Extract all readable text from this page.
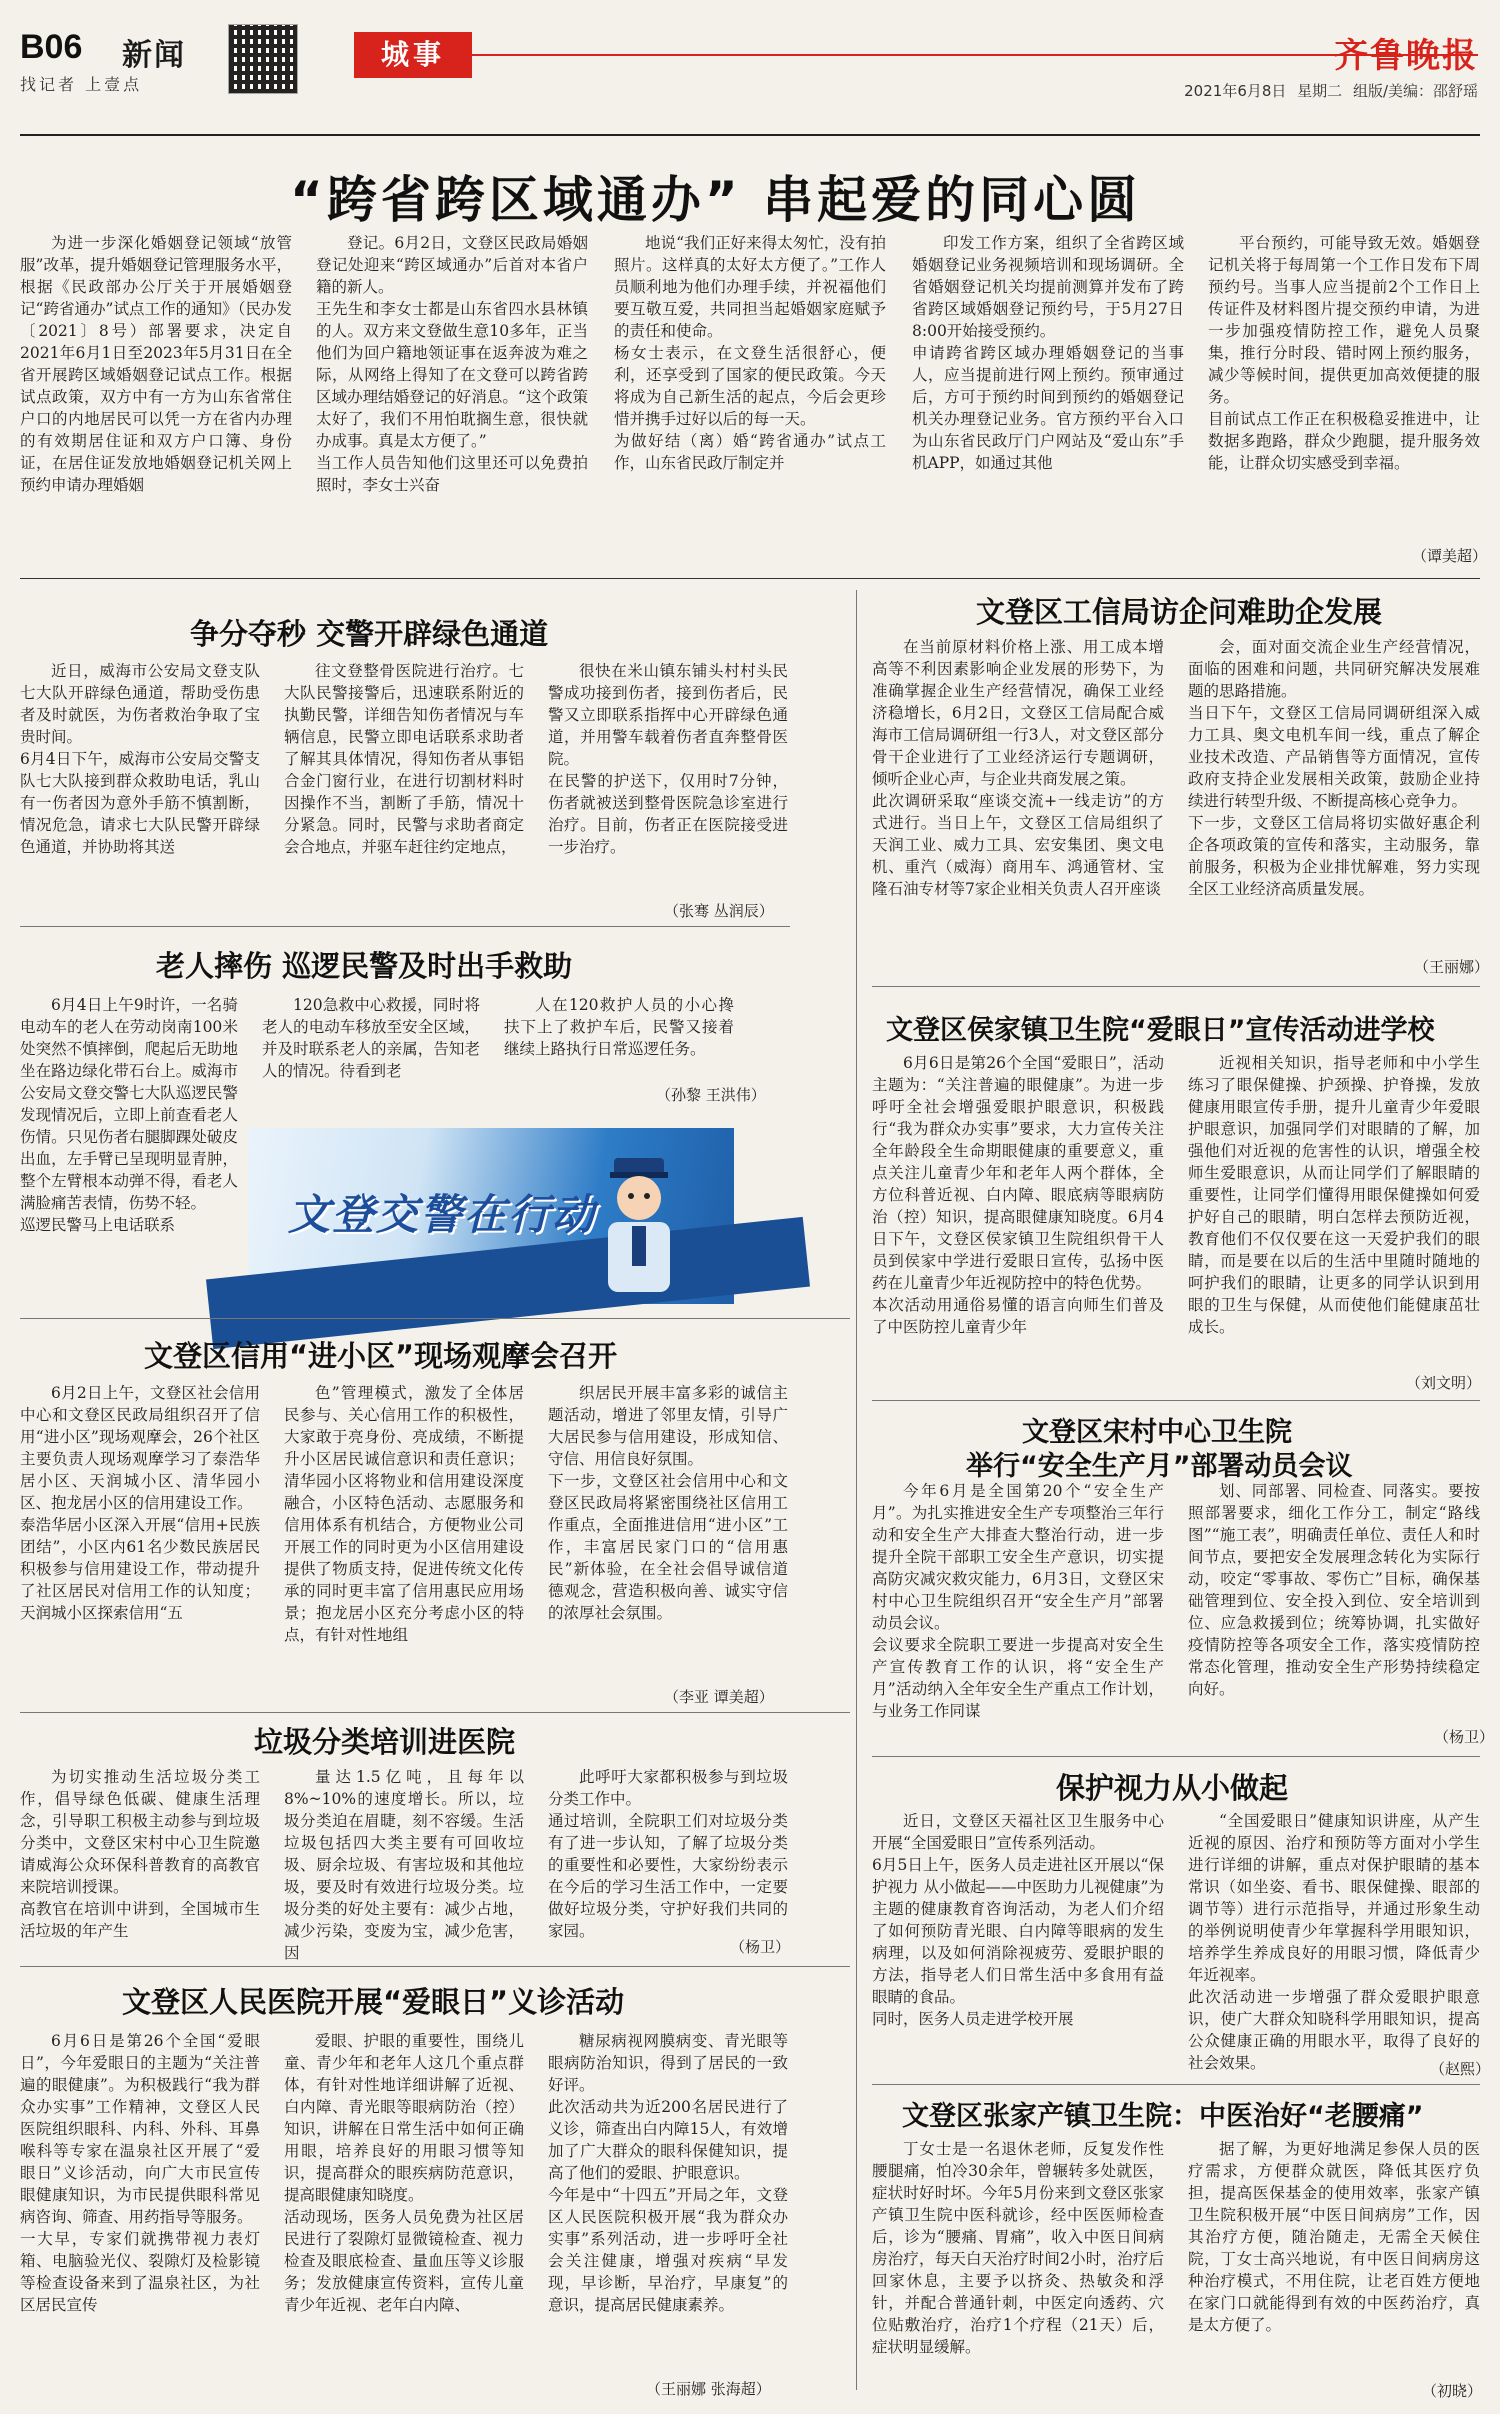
B06 新闻
找记者 上壹点
城事	齐鲁晚报
2021年6月8日 星期二 组版/美编：邵舒瑶
“跨省跨区域通办” 串起爱的同心圆
为进一步深化婚姻登记领域“放管服”改革，提升婚姻登记管理服务水平，根据《民政部办公厅关于开展婚姻登记“跨省通办”试点工作的通知》（民办发〔2021〕8号）部署要求，决定自2021年6月1日至2023年5月31日在全省开展跨区域婚姻登记试点工作。根据试点政策，双方中有一方为山东省常住户口的内地居民可以凭一方在省内办理的有效期居住证和双方户口簿、身份证，在居住证发放地婚姻登记机关网上预约申请办理婚姻
登记。6月2日，文登区民政局婚姻登记处迎来“跨区域通办”后首对本省户籍的新人。
王先生和李女士都是山东省四水县林镇的人。双方来文登做生意10多年，正当他们为回户籍地领证事在返奔波为难之际，从网络上得知了在文登可以跨省跨区域办理结婚登记的好消息。“这个政策太好了，我们不用怕耽搁生意，很快就办成事。真是太方便了。”
当工作人员告知他们这里还可以免费拍照时，李女士兴奋
地说“我们正好来得太匆忙，没有拍照片。这样真的太好太方便了。”工作人员顺利地为他们办理手续，并祝福他们要互敬互爱，共同担当起婚姻家庭赋予的责任和使命。
杨女士表示，在文登生活很舒心，便利，还享受到了国家的便民政策。今天将成为自己新生活的起点，今后会更珍惜并携手过好以后的每一天。
为做好结（离）婚“跨省通办”试点工作，山东省民政厅制定并
印发工作方案，组织了全省跨区域婚姻登记业务视频培训和现场调研。全省婚姻登记机关均提前测算并发布了跨省跨区域婚姻登记预约号，于5月27日8:00开始接受预约。
申请跨省跨区域办理婚姻登记的当事人，应当提前进行网上预约。预审通过后，方可于预约时间到预约的婚姻登记机关办理登记业务。官方预约平台入口为山东省民政厅门户网站及“爱山东”手机APP，如通过其他
平台预约，可能导致无效。婚姻登记机关将于每周第一个工作日发布下周预约号。当事人应当提前2个工作日上传证件及材料图片提交预约申请，为进一步加强疫情防控工作，避免人员聚集，推行分时段、错时网上预约服务，减少等候时间，提供更加高效便捷的服务。
目前试点工作正在积极稳妥推进中，让数据多跑路，群众少跑腿，提升服务效能，让群众切实感受到幸福。
（谭美超）
争分夺秒 交警开辟绿色通道
近日，威海市公安局文登支队七大队开辟绿色通道，帮助受伤患者及时就医，为伤者救治争取了宝贵时间。
6月4日下午，威海市公安局交警支队七大队接到群众救助电话，乳山有一伤者因为意外手筋不慎割断，情况危急，请求七大队民警开辟绿色通道，并协助将其送
往文登整骨医院进行治疗。七大队民警接警后，迅速联系附近的执勤民警，详细告知伤者情况与车辆信息，民警立即电话联系求助者了解其具体情况，得知伤者从事铝合金门窗行业，在进行切割材料时因操作不当，割断了手筋，情况十分紧急。同时，民警与求助者商定会合地点，并驱车赶往约定地点，
很快在米山镇东铺头村村头民警成功接到伤者，接到伤者后，民警又立即联系指挥中心开辟绿色通道，并用警车载着伤者直奔整骨医院。
在民警的护送下，仅用时7分钟，伤者就被送到整骨医院急诊室进行治疗。目前，伤者正在医院接受进一步治疗。
（张骞 丛润辰）
老人摔伤 巡逻民警及时出手救助
6月4日上午9时许，一名骑电动车的老人在劳动岗南100米处突然不慎摔倒，爬起后无助地坐在路边绿化带石台上。威海市公安局文登交警七大队巡逻民警发现情况后，立即上前查看老人伤情。只见伤者右腿脚踝处破皮出血，左手臂已呈现明显青肿，整个左臂根本动弹不得，看老人满脸痛苦表情，伤势不轻。
巡逻民警马上电话联系
120急救中心救援，同时将老人的电动车移放至安全区域，并及时联系老人的亲属，告知老人的情况。待看到老
人在120救护人员的小心搀扶下上了救护车后，民警又接着继续上路执行日常巡逻任务。
（孙黎 王洪伟）
文登交警在行动
文登区信用“进小区”现场观摩会召开
6月2日上午，文登区社会信用中心和文登区民政局组织召开了信用“进小区”现场观摩会，26个社区主要负责人现场观摩学习了泰浩华居小区、天润城小区、清华园小区、抱龙居小区的信用建设工作。
泰浩华居小区深入开展“信用+民族团结”，小区内61名少数民族居民积极参与信用建设工作，带动提升了社区居民对信用工作的认知度；天润城小区探索信用“五
色”管理模式，激发了全体居民参与、关心信用工作的积极性，大家敢于亮身份、亮成绩，不断提升小区居民诚信意识和责任意识；清华园小区将物业和信用建设深度融合，小区特色活动、志愿服务和信用体系有机结合，方便物业公司开展工作的同时更为小区信用建设提供了物质支持，促进传统文化传承的同时更丰富了信用惠民应用场景；抱龙居小区充分考虑小区的特点，有针对性地组
织居民开展丰富多彩的诚信主题活动，增进了邻里友情，引导广大居民参与信用建设，形成知信、守信、用信良好氛围。
下一步，文登区社会信用中心和文登区民政局将紧密围绕社区信用工作重点，全面推进信用“进小区”工作，丰富居民家门口的“信用惠民”新体验，在全社会倡导诚信道德观念，营造积极向善、诚实守信的浓厚社会氛围。
（李亚 谭美超）
垃圾分类培训进医院
为切实推动生活垃圾分类工作，倡导绿色低碳、健康生活理念，引导职工积极主动参与到垃圾分类中，文登区宋村中心卫生院邀请威海公众环保科普教育的高教官来院培训授课。
高教官在培训中讲到，全国城市生活垃圾的年产生
量达1.5亿吨，且每年以8%~10%的速度增长。所以，垃圾分类迫在眉睫，刻不容缓。生活垃圾包括四大类主要有可回收垃圾、厨余垃圾、有害垃圾和其他垃圾，要及时有效进行垃圾分类。垃圾分类的好处主要有：减少占地，减少污染，变废为宝，减少危害，因
此呼吁大家都积极参与到垃圾分类工作中。
通过培训，全院职工们对垃圾分类有了进一步认知，了解了垃圾分类的重要性和必要性，大家纷纷表示在今后的学习生活工作中，一定要做好垃圾分类，守护好我们共同的家园。
（杨卫）
文登区人民医院开展“爱眼日”义诊活动
6月6日是第26个全国“爱眼日”，今年爱眼日的主题为“关注普遍的眼健康”。为积极践行“我为群众办实事”工作精神，文登区人民医院组织眼科、内科、外科、耳鼻喉科等专家在温泉社区开展了“爱眼日”义诊活动，向广大市民宣传眼健康知识，为市民提供眼科常见病咨询、筛查、用药指导等服务。
一大早，专家们就携带视力表灯箱、电脑验光仪、裂隙灯及检影镜等检查设备来到了温泉社区，为社区居民宣传
爱眼、护眼的重要性，围绕儿童、青少年和老年人这几个重点群体，有针对性地详细讲解了近视、白内障、青光眼等眼病防治（控）知识，讲解在日常生活中如何正确用眼，培养良好的用眼习惯等知识，提高群众的眼疾病防范意识，提高眼健康知晓度。
活动现场，医务人员免费为社区居民进行了裂隙灯显微镜检查、视力检查及眼底检查、量血压等义诊服务；发放健康宣传资料，宣传儿童青少年近视、老年白内障、
糖尿病视网膜病变、青光眼等眼病防治知识，得到了居民的一致好评。
此次活动共为近200名居民进行了义诊，筛查出白内障15人，有效增加了广大群众的眼科保健知识，提高了他们的爱眼、护眼意识。
今年是中“十四五”开局之年，文登区人民医院积极开展“我为群众办实事”系列活动，进一步呼吁全社会关注健康，增强对疾病“早发现，早诊断，早治疗，早康复”的意识，提高居民健康素养。
（王丽娜 张海超）
文登区工信局访企问难助企发展
在当前原材料价格上涨、用工成本增高等不利因素影响企业发展的形势下，为准确掌握企业生产经营情况，确保工业经济稳增长，6月2日，文登区工信局配合威海市工信局调研组一行3人，对文登区部分骨干企业进行了工业经济运行专题调研，倾听企业心声，与企业共商发展之策。
此次调研采取“座谈交流+一线走访”的方式进行。当日上午，文登区工信局组织了天润工业、威力工具、宏安集团、奥文电机、重汽（威海）商用车、鸿通管材、宝隆石油专材等7家企业相关负责人召开座谈
会，面对面交流企业生产经营情况，面临的困难和问题，共同研究解决发展难题的思路措施。
当日下午，文登区工信局同调研组深入威力工具、奥文电机车间一线，重点了解企业技术改造、产品销售等方面情况，宣传政府支持企业发展相关政策，鼓励企业持续进行转型升级、不断提高核心竞争力。
下一步，文登区工信局将切实做好惠企利企各项政策的宣传和落实，主动服务，靠前服务，积极为企业排忧解难，努力实现全区工业经济高质量发展。
（王丽娜）
文登区侯家镇卫生院“爱眼日”宣传活动进学校
6月6日是第26个全国“爱眼日”，活动主题为：“关注普遍的眼健康”。为进一步呼吁全社会增强爱眼护眼意识，积极践行“我为群众办实事”要求，大力宣传关注全年龄段全生命期眼健康的重要意义，重点关注儿童青少年和老年人两个群体，全方位科普近视、白内障、眼底病等眼病防治（控）知识，提高眼健康知晓度。6月4日下午，文登区侯家镇卫生院组织骨干人员到侯家中学进行爱眼日宣传，弘扬中医药在儿童青少年近视防控中的特色优势。
本次活动用通俗易懂的语言向师生们普及了中医防控儿童青少年
近视相关知识，指导老师和中小学生练习了眼保健操、护颈操、护脊操，发放健康用眼宣传手册，提升儿童青少年爱眼护眼意识，加强同学们对眼睛的了解，加强他们对近视的危害性的认识，增强全校师生爱眼意识，从而让同学们了解眼睛的重要性，让同学们懂得用眼保健操如何爱护好自己的眼睛，明白怎样去预防近视，教育他们不仅仅要在这一天爱护我们的眼睛，而是要在以后的生活中里随时随地的呵护我们的眼睛，让更多的同学认识到用眼的卫生与保健，从而使他们能健康茁壮成长。
（刘文明）
文登区宋村中心卫生院
举行“安全生产月”部署动员会议
今年6月是全国第20个“安全生产月”。为扎实推进安全生产专项整治三年行动和安全生产大排查大整治行动，进一步提升全院干部职工安全生产意识，切实提高防灾减灾救灾能力，6月3日，文登区宋村中心卫生院组织召开“安全生产月”部署动员会议。
会议要求全院职工要进一步提高对安全生产宣传教育工作的认识，将“安全生产月”活动纳入全年安全生产重点工作计划，与业务工作同谋
划、同部署、同检查、同落实。要按照部署要求，细化工作分工，制定“路线图”“施工表”，明确责任单位、责任人和时间节点，要把安全发展理念转化为实际行动，咬定“零事故、零伤亡”目标，确保基础管理到位、安全投入到位、安全培训到位、应急救援到位；统筹协调，扎实做好疫情防控等各项安全工作，落实疫情防控常态化管理，推动安全生产形势持续稳定向好。
（杨卫）
保护视力从小做起
近日，文登区天福社区卫生服务中心开展“全国爱眼日”宣传系列活动。
6月5日上午，医务人员走进社区开展以“保护视力 从小做起——中医助力儿视健康”为主题的健康教育咨询活动，为老人们介绍了如何预防青光眼、白内障等眼病的发生病理，以及如何消除视疲劳、爱眼护眼的方法，指导老人们日常生活中多食用有益眼睛的食品。
同时，医务人员走进学校开展
“全国爱眼日”健康知识讲座，从产生近视的原因、治疗和预防等方面对小学生进行详细的讲解，重点对保护眼睛的基本常识（如坐姿、看书、眼保健操、眼部的调节等）进行示范指导，并通过形象生动的举例说明使青少年掌握科学用眼知识，培养学生养成良好的用眼习惯，降低青少年近视率。
此次活动进一步增强了群众爱眼护眼意识，使广大群众知晓科学用眼知识，提高公众健康正确的用眼水平，取得了良好的社会效果。	（赵熙）
文登区张家产镇卫生院：中医治好“老腰痛”
丁女士是一名退休老师，反复发作性腰腿痛，怕冷30余年，曾辗转多处就医，症状时好时坏。今年5月份来到文登区张家产镇卫生院中医科就诊，经中医医师检查后，诊为“腰痛、胃痛”，收入中医日间病房治疗，每天白天治疗时间2小时，治疗后回家休息，主要予以挤灸、热敏灸和浮针，并配合普通针刺，中医定向透药、穴位贴敷治疗，治疗1个疗程（21天）后，症状明显缓解。
据了解，为更好地满足参保人员的医疗需求，方便群众就医，降低其医疗负担，提高医保基金的使用效率，张家产镇卫生院积极开展“中医日间病房”工作，因其治疗方便，随治随走，无需全天候住院，丁女士高兴地说，有中医日间病房这种治疗模式，不用住院，让老百姓方便地在家门口就能得到有效的中医药治疗，真是太方便了。
（初晓）
